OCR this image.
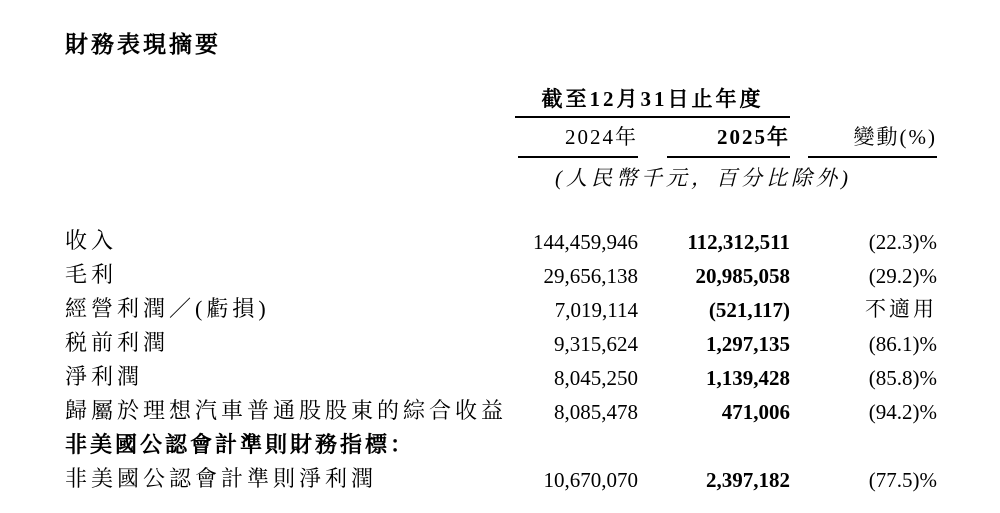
財務表現摘要

	截至12月31日止年度		

	2024年	2025年	變動(%)

	(人民幣千元，百分比除外)		

收入	144,459,946	112,312,511	(22.3)%
毛利	29,656,138	20,985,058	(29.2)%
經營利潤／(虧損)	7,019,114	(521,117)	不適用
税前利潤	9,315,624	1,297,135	(86.1)%
淨利潤	8,045,250	1,139,428	(85.8)%
歸屬於理想汽車普通股股東的綜合收益	8,085,478	471,006	(94.2)%
非美國公認會計準則財務指標：			
非美國公認會計準則淨利潤	10,670,070	2,397,182	(77.5)%
